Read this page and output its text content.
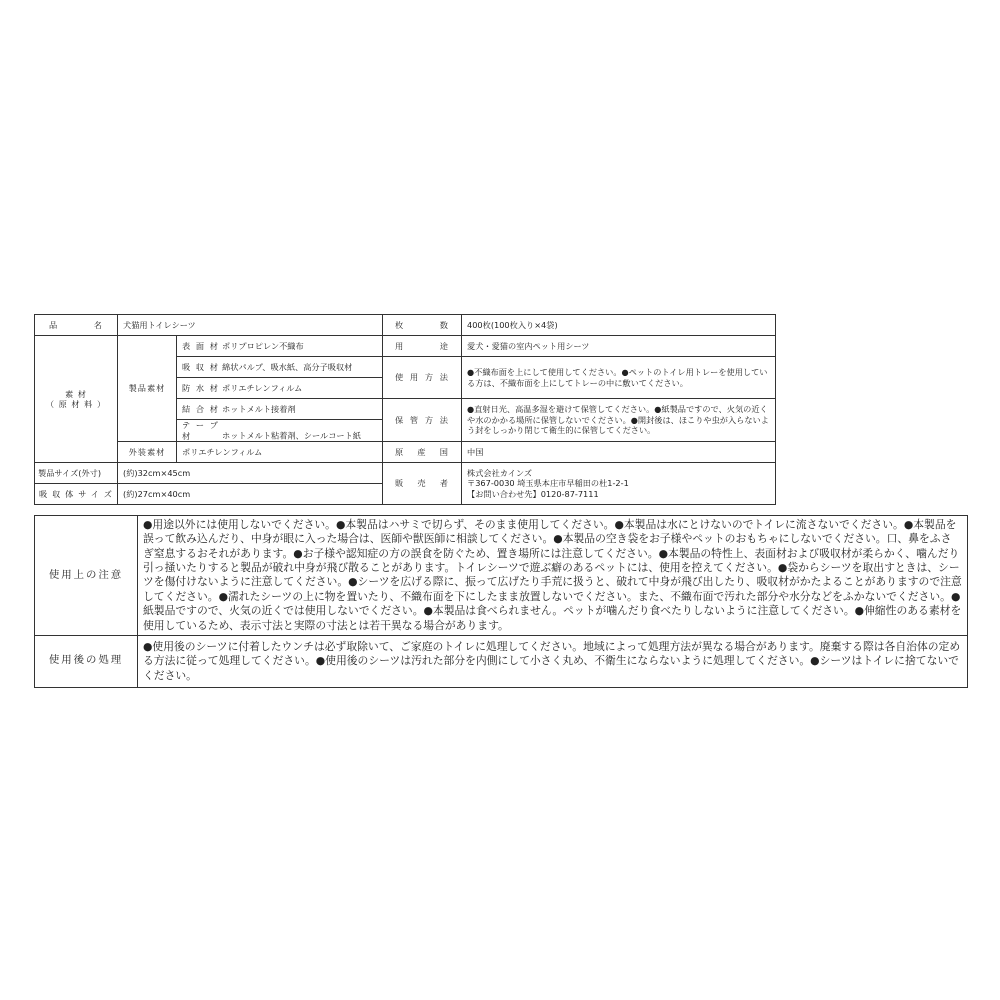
品 名	犬猫用トイレシーツ		枚 数	400枚(100枚入り×4袋)

素 材
（ 原 材 料 ）	製品素材	表 面 材 ポリプロピレン不織布	用 途	愛犬・愛猫の室内ペット用シーツ
		吸 収 材 綿状パルプ、吸水紙、高分子吸収材	使 用 方 法	●不織布面を上にして使用してください。●ペットのトイレ用トレーを使用している方は、不織布面を上にしてトレーの中に敷いてください。
		防 水 材 ポリエチレンフィルム		
		結 合 材 ホットメルト接着剤	保 管 方 法	●直射日光、高温多湿を避けて保管してください。●紙製品ですので、火気の近くや水のかかる場所に保管しないでください。●開封後は、ほこりや虫が入らないよう封をしっかり閉じて衛生的に保管してください。
		テ ー プ 材 ホットメルト粘着剤、シールコート紙		
	外装素材	ポリエチレンフィルム	原 産 国	中国
製品サイズ(外寸)	(約)32cm×45cm		販 売 者	株式会社カインズ
〒367-0030 埼玉県本庄市早稲田の杜1-2-1
【お問い合わせ先】0120-87-7111

吸収体サイズ	(約)27cm×40cm			
使用上の注意	●用途以外には使用しないでください。●本製品はハサミで切らず、そのまま使用してください。●本製品は水にとけないのでトイレに流さないでください。●本製品を誤って飲み込んだり、中身が眼に入った場合は、医師や獣医師に相談してください。●本製品の空き袋をお子様やペットのおもちゃにしないでください。口、鼻をふさぎ窒息するおそれがあります。●お子様や認知症の方の誤食を防ぐため、置き場所には注意してください。●本製品の特性上、表面材および吸収材が柔らかく、噛んだり引っ掻いたりすると製品が破れ中身が飛び散ることがあります。トイレシーツで遊ぶ癖のあるペットには、使用を控えてください。●袋からシーツを取出すときは、シーツを傷付けないように注意してください。●シーツを広げる際に、振って広げたり手荒に扱うと、破れて中身が飛び出したり、吸収材がかたよることがありますので注意してください。●濡れたシーツの上に物を置いたり、不織布面を下にしたまま放置しないでください。また、不織布面で汚れた部分や水分などをふかないでください。●紙製品ですので、火気の近くでは使用しないでください。●本製品は食べられません。ペットが噛んだり食べたりしないように注意してください。●伸縮性のある素材を使用しているため、表示寸法と実際の寸法とは若干異なる場合があります。
使用後の処理	●使用後のシーツに付着したウンチは必ず取除いて、ご家庭のトイレに処理してください。地域によって処理方法が異なる場合があります。廃棄する際は各自治体の定める方法に従って処理してください。●使用後のシーツは汚れた部分を内側にして小さく丸め、不衛生にならないように処理してください。●シーツはトイレに捨てないでください。
